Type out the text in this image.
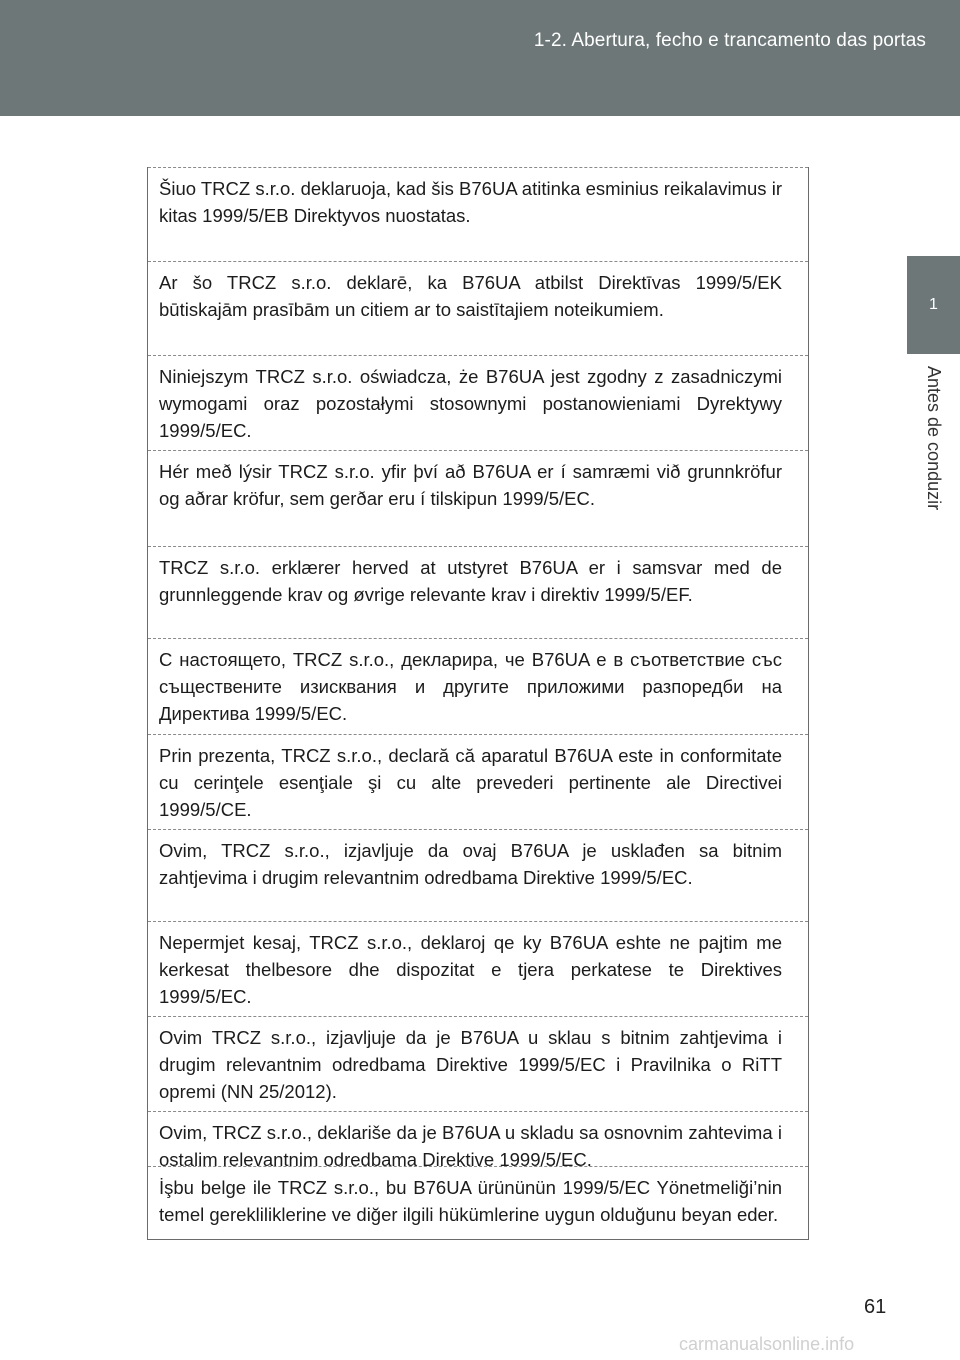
1-2. Abertura, fecho e trancamento das portas
1
Antes de conduzir
Šiuo TRCZ s.r.o. deklaruoja, kad šis B76UA atitinka esminius reikalavimus ir kitas 1999/5/EB Direktyvos nuostatas.
Ar šo TRCZ s.r.o. deklarē, ka B76UA atbilst Direktīvas 1999/5/EK būtiskajām prasībām un citiem ar to saistītajiem noteikumiem.
Niniejszym TRCZ s.r.o. oświadcza, że B76UA jest zgodny z zasadniczymi wymogami oraz pozostałymi stosownymi postanowieniami Dyrektywy 1999/5/EC.
Hér með lýsir TRCZ s.r.o. yfir því að B76UA er í samræmi við grunnkröfur og aðrar kröfur, sem gerðar eru í tilskipun 1999/5/EC.
TRCZ s.r.o. erklærer herved at utstyret B76UA er i samsvar med de grunnleggende krav og øvrige relevante krav i direktiv 1999/5/EF.
С настоящето, TRCZ s.r.o., декларира, че B76UA е в съответствие със съществените изисквания и другите приложими разпоредби на Директива 1999/5/ЕС.
Prin prezenta, TRCZ s.r.o., declară că aparatul B76UA este in conformitate cu cerinţele esenţiale şi cu alte prevederi pertinente ale Directivei 1999/5/CE.
Ovim, TRCZ s.r.o., izjavljuje da ovaj B76UA je usklađen sa bitnim zahtjevima i drugim relevantnim odredbama Direktive 1999/5/EC.
Nepermjet kesaj, TRCZ s.r.o., deklaroj qe ky B76UA eshte ne pajtim me kerkesat thelbesore dhe dispozitat e tjera perkatese te Direktives 1999/5/EC.
Ovim TRCZ s.r.o., izjavljuje da je B76UA u sklau s bitnim zahtjevima i drugim relevantnim odredbama Direktive 1999/5/EC i Pravilnika o RiTT opremi (NN 25/2012).
Ovim, TRCZ s.r.o., deklariše da je B76UA u skladu sa osnovnim zahtevima i ostalim relevantnim odredbama Direktive 1999/5/EC.
İşbu belge ile TRCZ s.r.o., bu B76UA ürününün 1999/5/EC Yönetmeliği’nin temel gerekliliklerine ve diğer ilgili hükümlerine uygun olduğunu beyan eder.
61
carmanualsonline.info
